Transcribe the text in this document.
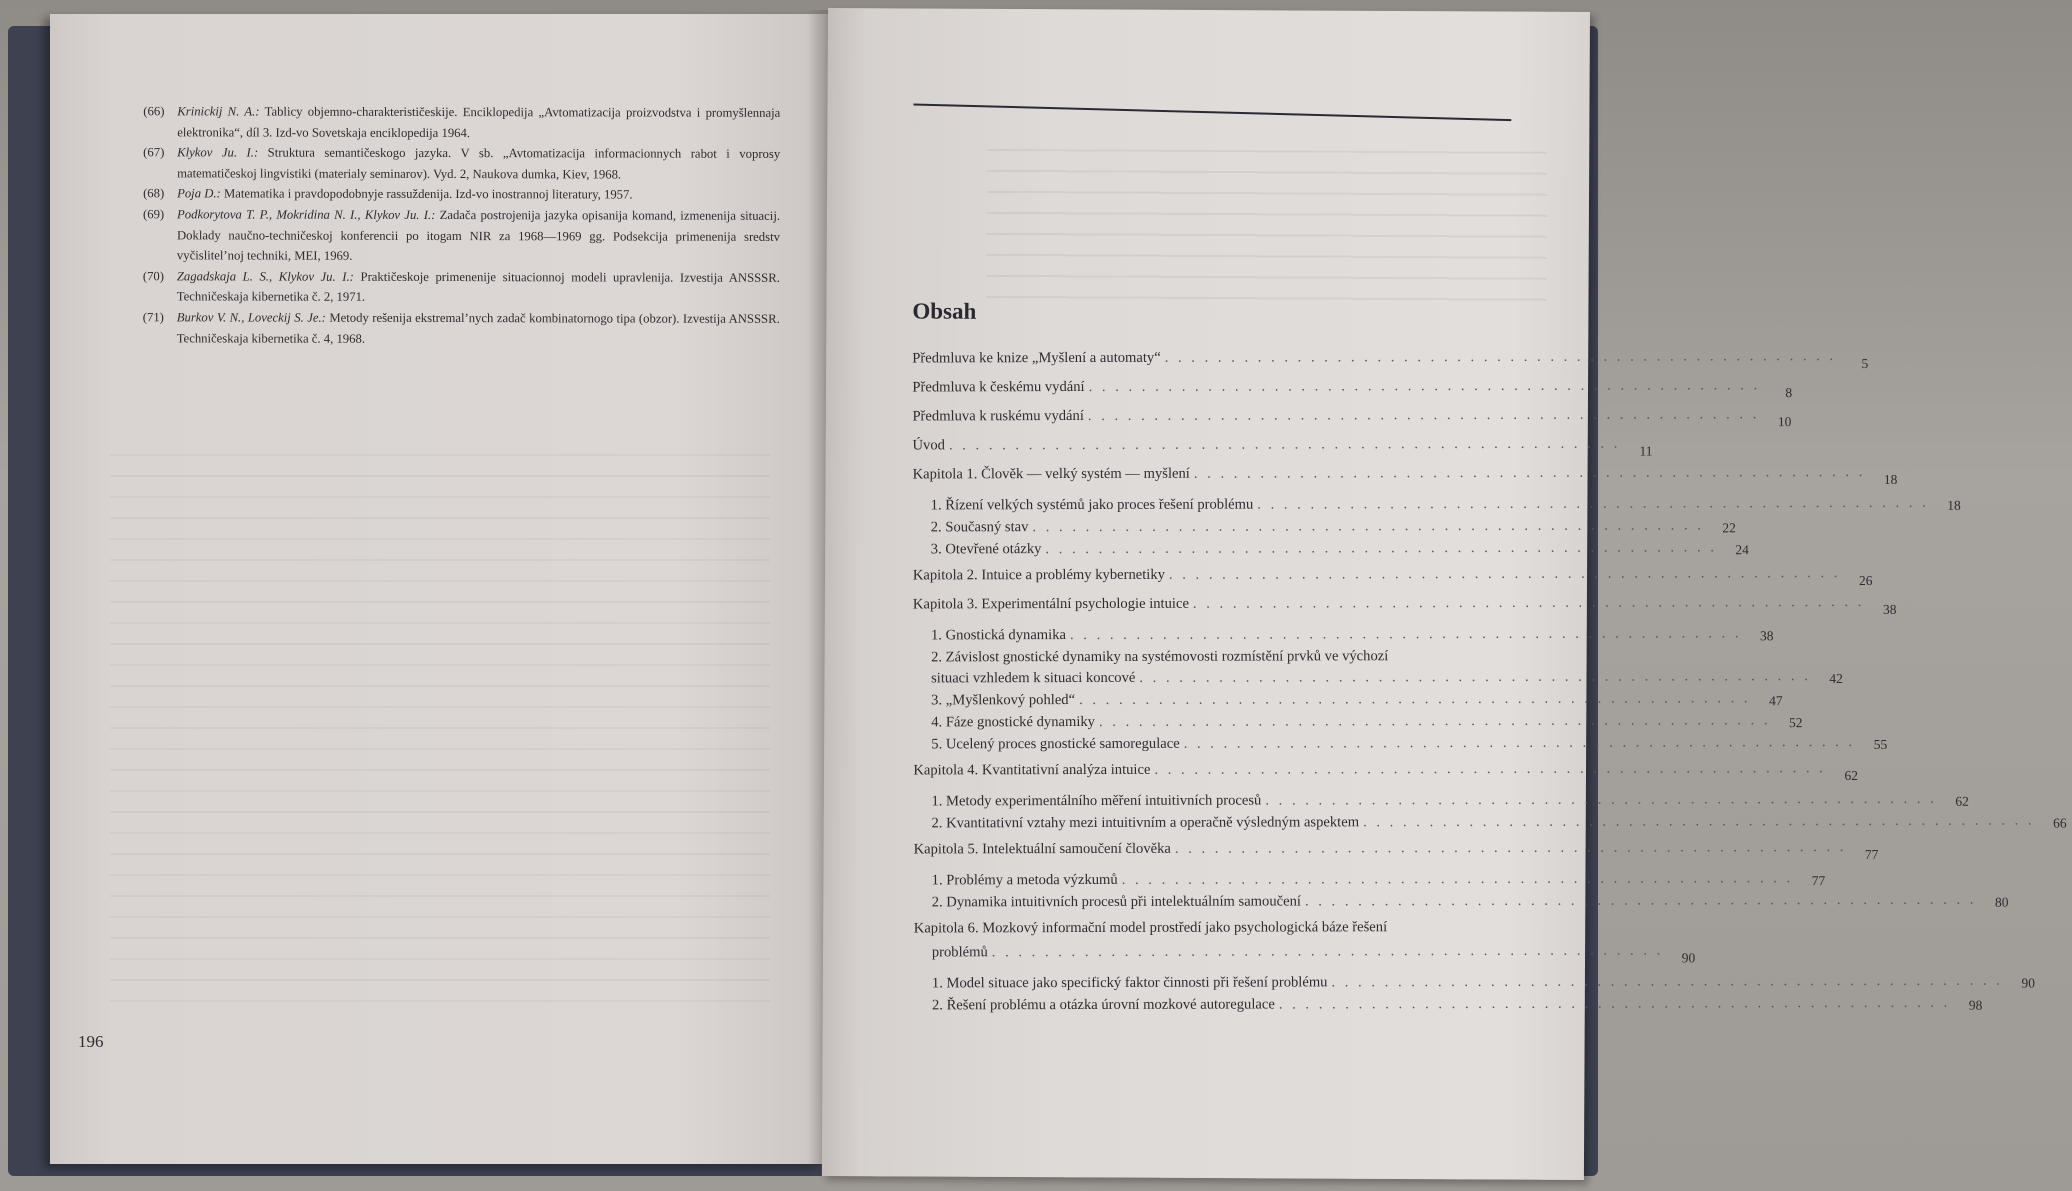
(66) Krinickij N. A.: Tablicy objemno-charakterističeskije. Enciklopedija „Avtomatizacija proizvodstva i promyšlennaja elektronika“, díl 3. Izd-vo Sovetskaja enciklopedija 1964.
(67) Klykov Ju. I.: Struktura semantičeskogo jazyka. V sb. „Avtomatizacija informacionnych rabot i voprosy matematičeskoj lingvistiki (materialy seminarov). Vyd. 2, Naukova dumka, Kiev, 1968.
(68) Poja D.: Matematika i pravdopodobnyje rassuždenija. Izd-vo inostrannoj literatury, 1957.
(69) Podkorytova T. P., Mokridina N. I., Klykov Ju. I.: Zadača postrojenija jazyka opisanija komand, izmenenija situacij. Doklady naučno-techničeskoj konferencii po itogam NIR za 1968—1969 gg. Podsekcija primenenija sredstv vyčislitel’noj techniki, MEI, 1969.
(70) Zagadskaja L. S., Klykov Ju. I.: Praktičeskoje primenenije situacionnoj modeli upravlenija. Izvestija ANSSSR. Techničeskaja kibernetika č. 2, 1971.
(71) Burkov V. N., Loveckij S. Je.: Metody rešenija ekstremal’nych zadač kombinatornogo tipa (obzor). Izvestija ANSSSR. Techničeskaja kibernetika č. 4, 1968.
196
Obsah
Předmluva ke knize „Myšlení a automaty“ . . . . . . . . . . . . . . . . . . . . . . . . . . . . . . . . . . . . . . . . . . . . . . . . . . .	5
Předmluva k českému vydání . . . . . . . . . . . . . . . . . . . . . . . . . . . . . . . . . . . . . . . . . . . . . . . . . . .	8
Předmluva k ruskému vydání . . . . . . . . . . . . . . . . . . . . . . . . . . . . . . . . . . . . . . . . . . . . . . . . . . .	10
Úvod . . . . . . . . . . . . . . . . . . . . . . . . . . . . . . . . . . . . . . . . . . . . . . . . . . .	11
Kapitola 1. Člověk — velký systém — myšlení . . . . . . . . . . . . . . . . . . . . . . . . . . . . . . . . . . . . . . . . . . . . . . . . . . .	18
1. Řízení velkých systémů jako proces řešení problému . . . . . . . . . . . . . . . . . . . . . . . . . . . . . . . . . . . . . . . . . . . . . . . . . . .	18
2. Současný stav . . . . . . . . . . . . . . . . . . . . . . . . . . . . . . . . . . . . . . . . . . . . . . . . . . .	22
3. Otevřené otázky . . . . . . . . . . . . . . . . . . . . . . . . . . . . . . . . . . . . . . . . . . . . . . . . . . .	24
Kapitola 2. Intuice a problémy kybernetiky . . . . . . . . . . . . . . . . . . . . . . . . . . . . . . . . . . . . . . . . . . . . . . . . . . .	26
Kapitola 3. Experimentální psychologie intuice . . . . . . . . . . . . . . . . . . . . . . . . . . . . . . . . . . . . . . . . . . . . . . . . . . .	38
1. Gnostická dynamika . . . . . . . . . . . . . . . . . . . . . . . . . . . . . . . . . . . . . . . . . . . . . . . . . . .	38
2. Závislost gnostické dynamiky na systémovosti rozmístění prvků ve výchozí
situaci vzhledem k situaci koncové . . . . . . . . . . . . . . . . . . . . . . . . . . . . . . . . . . . . . . . . . . . . . . . . . . .	42
3. „Myšlenkový pohled“ . . . . . . . . . . . . . . . . . . . . . . . . . . . . . . . . . . . . . . . . . . . . . . . . . . .	47
4. Fáze gnostické dynamiky . . . . . . . . . . . . . . . . . . . . . . . . . . . . . . . . . . . . . . . . . . . . . . . . . . .	52
5. Ucelený proces gnostické samoregulace . . . . . . . . . . . . . . . . . . . . . . . . . . . . . . . . . . . . . . . . . . . . . . . . . . .	55
Kapitola 4. Kvantitativní analýza intuice . . . . . . . . . . . . . . . . . . . . . . . . . . . . . . . . . . . . . . . . . . . . . . . . . . .	62
1. Metody experimentálního měření intuitivních procesů . . . . . . . . . . . . . . . . . . . . . . . . . . . . . . . . . . . . . . . . . . . . . . . . . . .	62
2. Kvantitativní vztahy mezi intuitivním a operačně výsledným aspektem . . . . . . . . . . . . . . . . . . . . . . . . . . . . . . . . . . . . . . . . . . . . . . . . . . .	66
Kapitola 5. Intelektuální samoučení člověka . . . . . . . . . . . . . . . . . . . . . . . . . . . . . . . . . . . . . . . . . . . . . . . . . . .	77
1. Problémy a metoda výzkumů . . . . . . . . . . . . . . . . . . . . . . . . . . . . . . . . . . . . . . . . . . . . . . . . . . .	77
2. Dynamika intuitivních procesů při intelektuálním samoučení . . . . . . . . . . . . . . . . . . . . . . . . . . . . . . . . . . . . . . . . . . . . . . . . . . .	80
Kapitola 6. Mozkový informační model prostředí jako psychologická báze řešení
problémů . . . . . . . . . . . . . . . . . . . . . . . . . . . . . . . . . . . . . . . . . . . . . . . . . . .	90
1. Model situace jako specifický faktor činnosti při řešení problému . . . . . . . . . . . . . . . . . . . . . . . . . . . . . . . . . . . . . . . . . . . . . . . . . . .	90
2. Řešení problému a otázka úrovní mozkové autoregulace . . . . . . . . . . . . . . . . . . . . . . . . . . . . . . . . . . . . . . . . . . . . . . . . . . .	98
